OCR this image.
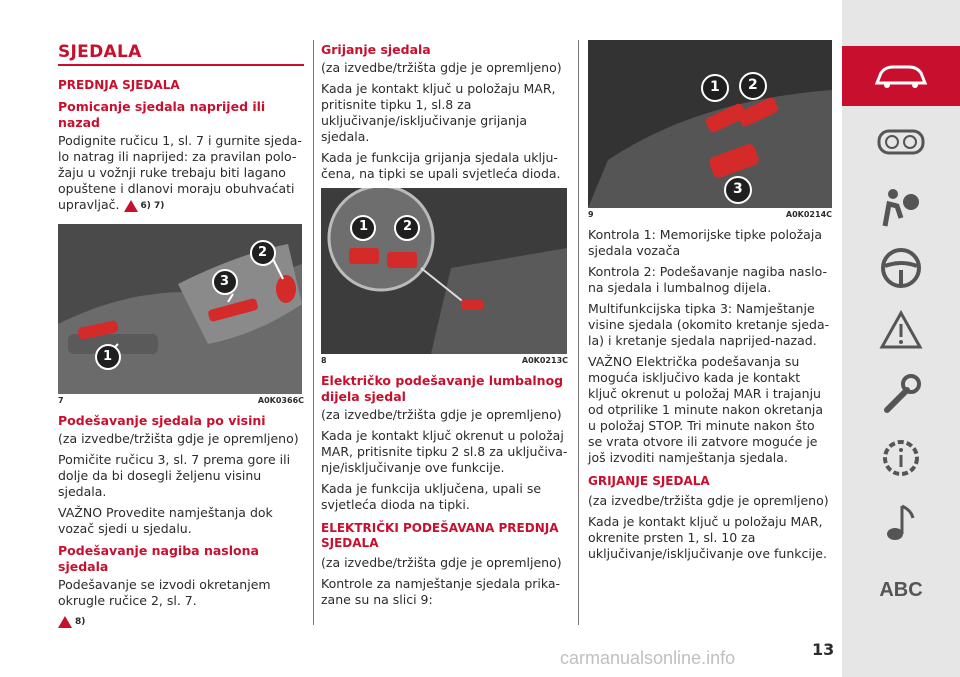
SJEDALA
PREDNJA SJEDALA
Pomicanje sjedala naprijed ili nazad

Podignite ručicu 1, sl. 7 i gurnite sjeda-lo natrag ili naprijed: za pravilan polo-žaju u vožnji ruke trebaju biti lagano opuštene i dlanovi moraju obuhvaćati upravljač. 6) 7)

1
3
2
7	A0K0366C
Podešavanje sjedala po visini

(za izvedbe/tržišta gdje je opremljeno)

Pomičite ručicu 3, sl. 7 prema gore ili dolje da bi dosegli željenu visinu sjedala.

VAŽNO Provedite namještanja dok vozač sjedi u sjedalu.

Podešavanje nagiba naslona sjedala

Podešavanje se izvodi okretanjem okrugle ručice 2, sl. 7.

8)

Grijanje sjedala

(za izvedbe/tržišta gdje je opremljeno)

Kada je kontakt ključ u položaju MAR, pritisnite tipku 1, sl.8 za uključivanje/isključivanje grijanja sjedala.

Kada je funkcija grijanja sjedala uklju-čena, na tipki se upali svjetleća dioda.

1	2
8	A0K0213C
Električko podešavanje lumbalnog dijela sjedal

(za izvedbe/tržišta gdje je opremljeno)

Kada je kontakt ključ okrenut u položaj MAR, pritisnite tipku 2 sl.8 za uključiva-nje/isključivanje ove funkcije.

Kada je funkcija uključena, upali se svjetleća dioda na tipki.

ELEKTRIČKI PODEŠAVANA PREDNJA SJEDALA

(za izvedbe/tržišta gdje je opremljeno)

Kontrole za namještanje sjedala prika-zane su na slici 9:

1 2
3
9	A0K0214C

Kontrola 1: Memorijske tipke položaja sjedala vozača

Kontrola 2: Podešavanje nagiba naslo-na sjedala i lumbalnog dijela.

Multifunkcijska tipka 3: Namještanje visine sjedala (okomito kretanje sjeda-la) i kretanje sjedala naprijed-nazad.

VAŽNO Električka podešavanja su moguća isključivo kada je kontakt ključ okrenut u položaj MAR i trajanju od otprilike 1 minute nakon okretanja u položaj STOP. Tri minute nakon što se vrata otvore ili zatvore moguće je još izvoditi namještanja sjedala.

GRIJANJE SJEDALA

(za izvedbe/tržišta gdje je opremljeno)

Kada je kontakt ključ u položaju MAR, okrenite prsten 1, sl. 10 za uključivanje/isključivanje ove funkcije.

ABC
13
carmanualsonline.info
